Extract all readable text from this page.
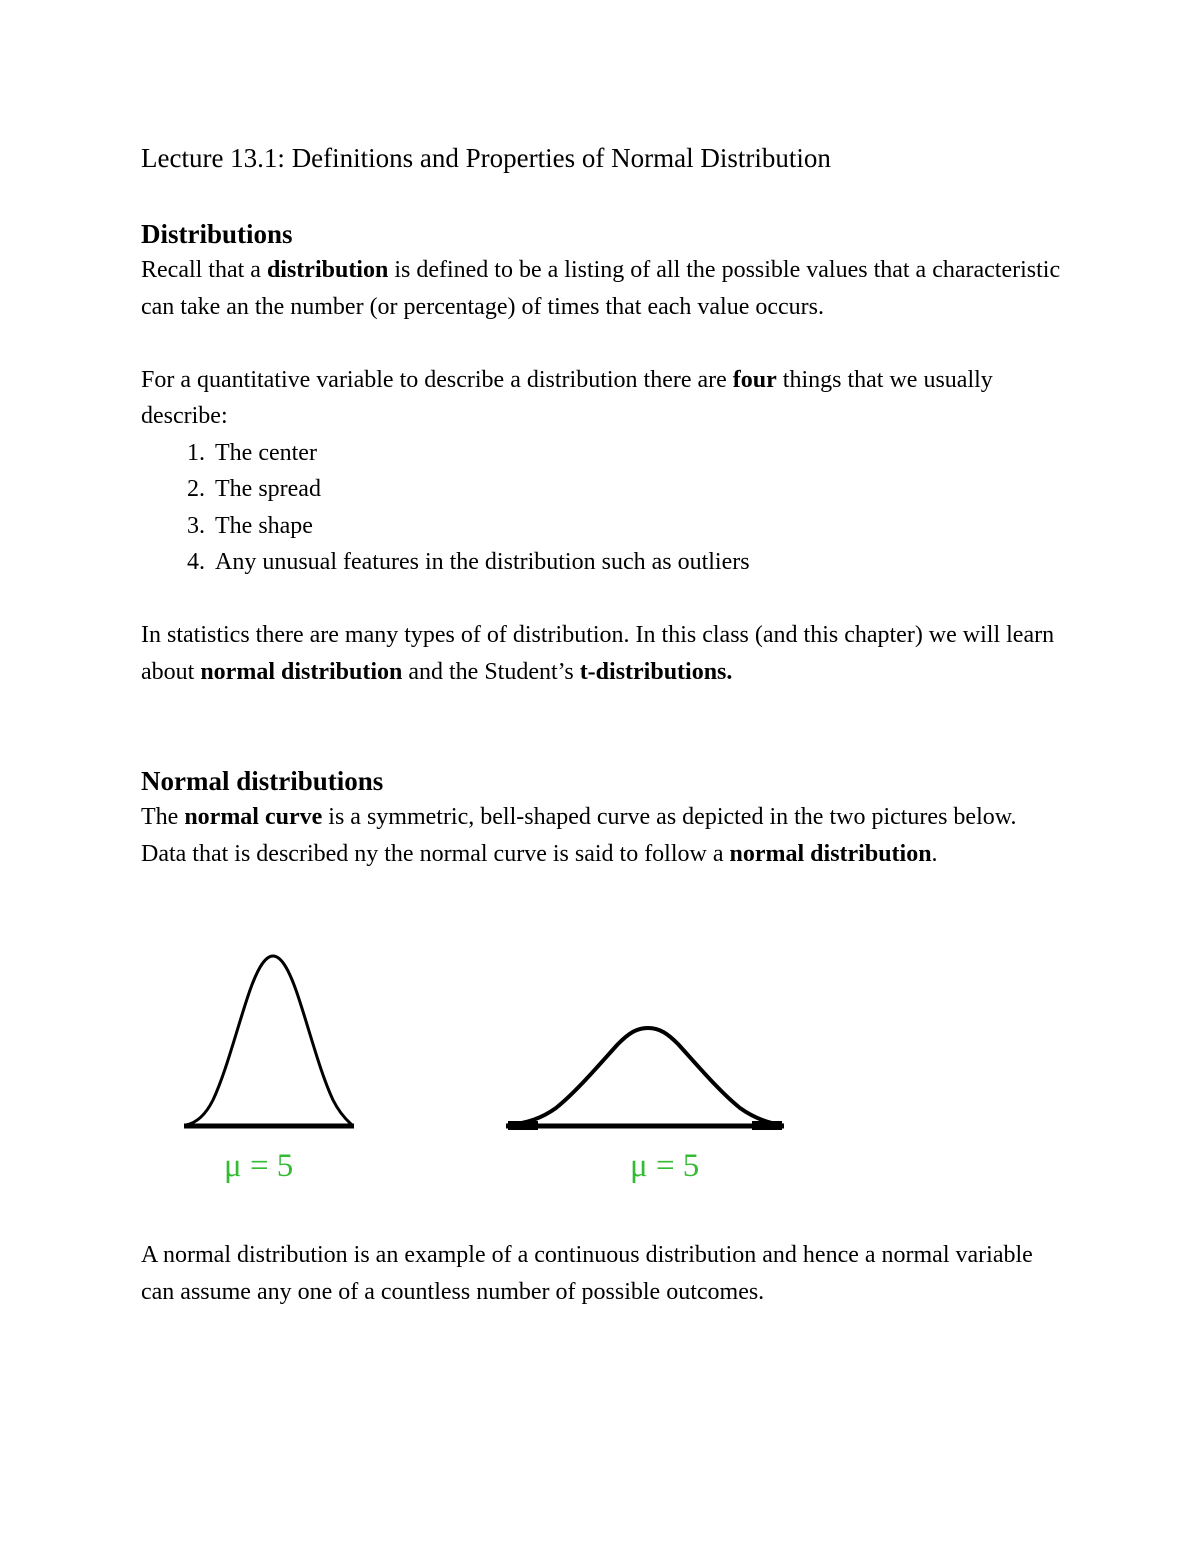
Lecture 13.1: Definitions and Properties of Normal Distribution
Distributions

Recall that a distribution is defined to be a listing of all the possible values that a characteristic can take an the number (or percentage) of times that each value occurs.

For a quantitative variable to describe a distribution there are four things that we usually describe:

1. The center
2. The spread
3. The shape
4. Any unusual features in the distribution such as outliers

In statistics there are many types of of distribution. In this class (and this chapter) we will learn about normal distribution and the Student’s t-distributions.

Normal distributions

The normal curve is a symmetric, bell-shaped curve as depicted in the two pictures below. Data that is described ny the normal curve is said to follow a normal distribution.

μ = 5	μ = 5

A normal distribution is an example of a continuous distribution and hence a normal variable can assume any one of a countless number of possible outcomes.
